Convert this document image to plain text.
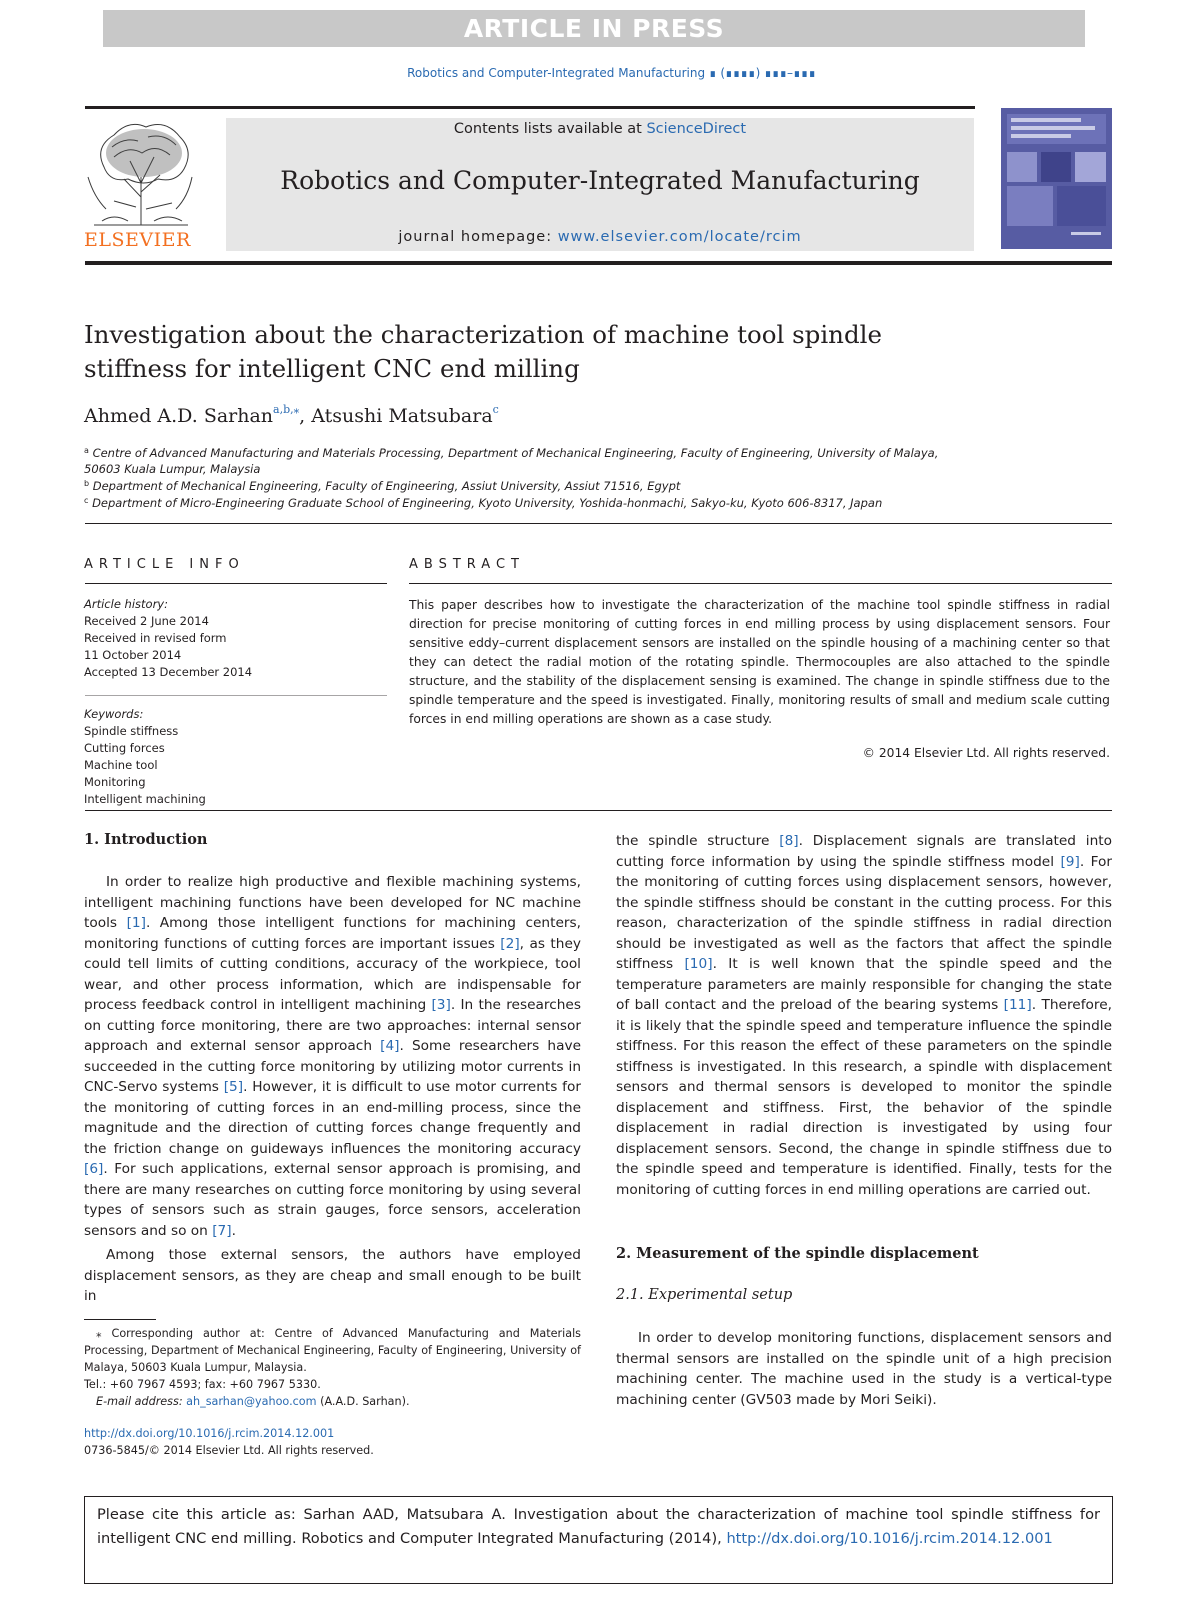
ARTICLE IN PRESS
Robotics and Computer-Integrated Manufacturing ∎ (∎∎∎∎) ∎∎∎–∎∎∎
ELSEVIER
Contents lists available at ScienceDirect
Robotics and Computer-Integrated Manufacturing
journal homepage: www.elsevier.com/locate/rcim
Investigation about the characterization of machine tool spindle
stiffness for intelligent CNC end milling
Ahmed A.D. Sarhan$^{a,b,⁎}$, Atsushi Matsubara$^c$
$^a$ Centre of Advanced Manufacturing and Materials Processing, Department of Mechanical Engineering, Faculty of Engineering, University of Malaya,
50603 Kuala Lumpur, Malaysia
$^b$ Department of Mechanical Engineering, Faculty of Engineering, Assiut University, Assiut 71516, Egypt
$^c$ Department of Micro-Engineering Graduate School of Engineering, Kyoto University, Yoshida-honmachi, Sakyo-ku, Kyoto 606-8317, Japan
ARTICLE INFO
Article history:
Received 2 June 2014
Received in revised form
11 October 2014
Accepted 13 December 2014
Keywords:
Spindle stiffness
Cutting forces
Machine tool
Monitoring
Intelligent machining
ABSTRACT
This paper describes how to investigate the characterization of the machine tool spindle stiffness in radial direction for precise monitoring of cutting forces in end milling process by using displacement sensors. Four sensitive eddy–current displacement sensors are installed on the spindle housing of a machining center so that they can detect the radial motion of the rotating spindle. Thermocouples are also attached to the spindle structure, and the stability of the displacement sensing is examined. The change in spindle stiffness due to the spindle temperature and the speed is investigated. Finally, monitoring results of small and medium scale cutting forces in end milling operations are shown as a case study.
© 2014 Elsevier Ltd. All rights reserved.
1. Introduction
In order to realize high productive and flexible machining systems, intelligent machining functions have been developed for NC machine tools [1]. Among those intelligent functions for machining centers, monitoring functions of cutting forces are important issues [2], as they could tell limits of cutting conditions, accuracy of the workpiece, tool wear, and other process information, which are indispensable for process feedback control in intelligent machining [3]. In the researches on cutting force monitoring, there are two approaches: internal sensor approach and external sensor approach [4]. Some researchers have succeeded in the cutting force monitoring by utilizing motor currents in CNC-Servo systems [5]. However, it is difficult to use motor currents for the monitoring of cutting forces in an end-milling process, since the magnitude and the direction of cutting forces change frequently and the friction change on guideways influences the monitoring accuracy [6]. For such applications, external sensor approach is promising, and there are many researches on cutting force monitoring by using several types of sensors such as strain gauges, force sensors, acceleration sensors and so on [7].
Among those external sensors, the authors have employed displacement sensors, as they are cheap and small enough to be built in
⁎ Corresponding author at: Centre of Advanced Manufacturing and Materials Processing, Department of Mechanical Engineering, Faculty of Engineering, University of Malaya, 50603 Kuala Lumpur, Malaysia.
Tel.: +60 7967 4593; fax: +60 7967 5330.
E-mail address: ah_sarhan@yahoo.com (A.A.D. Sarhan).
http://dx.doi.org/10.1016/j.rcim.2014.12.001
0736-5845/© 2014 Elsevier Ltd. All rights reserved.
the spindle structure [8]. Displacement signals are translated into cutting force information by using the spindle stiffness model [9]. For the monitoring of cutting forces using displacement sensors, however, the spindle stiffness should be constant in the cutting process. For this reason, characterization of the spindle stiffness in radial direction should be investigated as well as the factors that affect the spindle stiffness [10]. It is well known that the spindle speed and the temperature parameters are mainly responsible for changing the state of ball contact and the preload of the bearing systems [11]. Therefore, it is likely that the spindle speed and temperature influence the spindle stiffness. For this reason the effect of these parameters on the spindle stiffness is investigated. In this research, a spindle with displacement sensors and thermal sensors is developed to monitor the spindle displacement and stiffness. First, the behavior of the spindle displacement in radial direction is investigated by using four displacement sensors. Second, the change in spindle stiffness due to the spindle speed and temperature is identified. Finally, tests for the monitoring of cutting forces in end milling operations are carried out.
2. Measurement of the spindle displacement
2.1. Experimental setup
In order to develop monitoring functions, displacement sensors and thermal sensors are installed on the spindle unit of a high precision machining center. The machine used in the study is a vertical-type machining center (GV503 made by Mori Seiki).
Please cite this article as: Sarhan AAD, Matsubara A. Investigation about the characterization of machine tool spindle stiffness for intelligent CNC end milling. Robotics and Computer Integrated Manufacturing (2014), http://dx.doi.org/10.1016/j.rcim.2014.12.001
